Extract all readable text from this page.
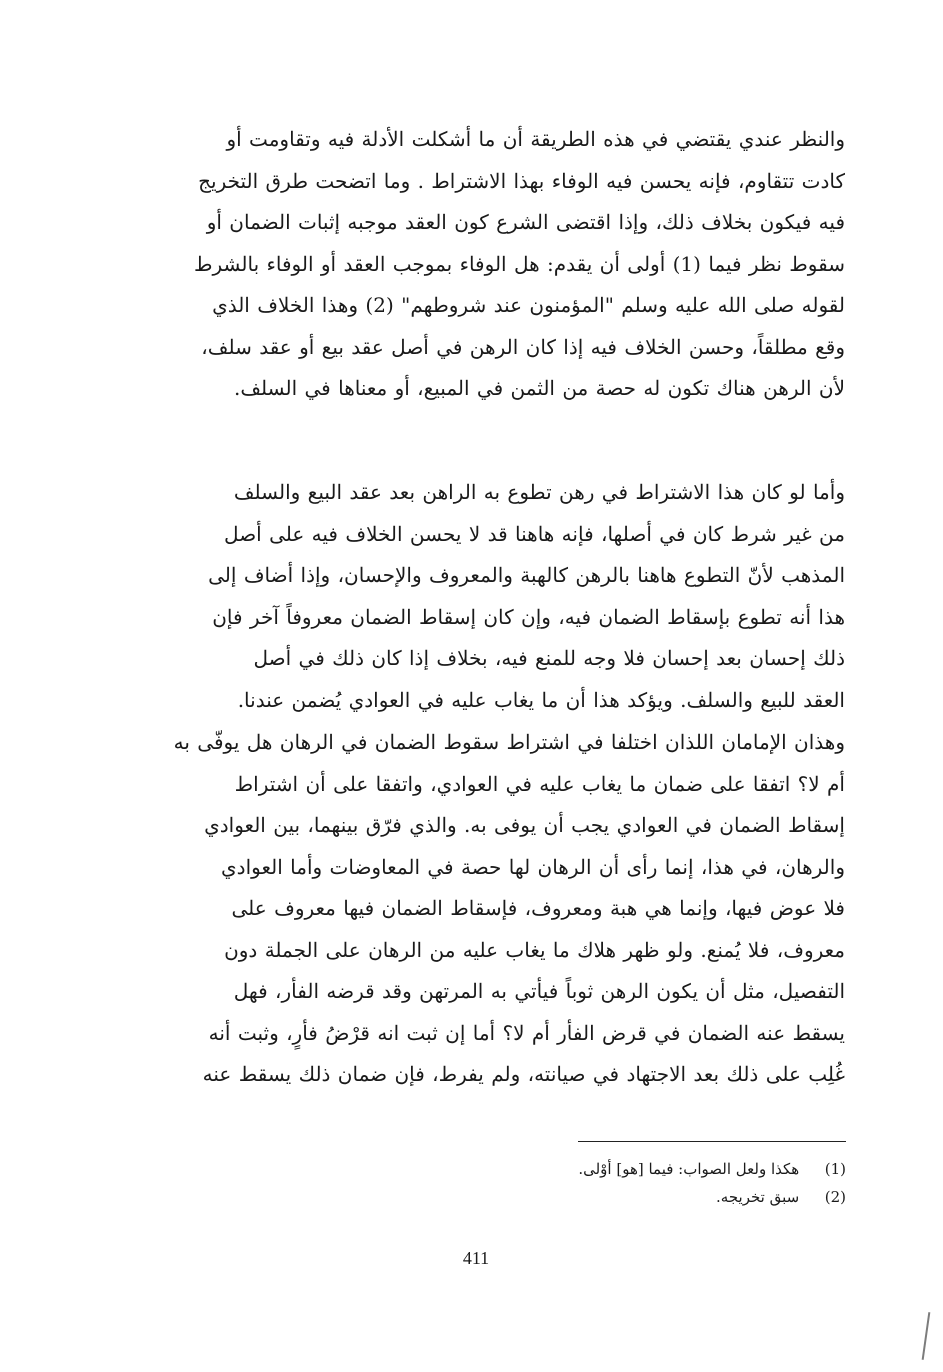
والنظر عندي يقتضي في هذه الطريقة أن ما أشكلت الأدلة فيه وتقاومت أو
كادت تتقاوم، فإنه يحسن فيه الوفاء بهذا الاشتراط . وما اتضحت طرق التخريج
فيه فيكون بخلاف ذلك، وإذا اقتضى الشرع كون العقد موجبه إثبات الضمان أو
سقوط نظر فيما (1) أولى أن يقدم: هل الوفاء بموجب العقد أو الوفاء بالشرط
لقوله صلى الله عليه وسلم "المؤمنون عند شروطهم" (2) وهذا الخلاف الذي
وقع مطلقاً، وحسن الخلاف فيه إذا كان الرهن في أصل عقد بيع أو عقد سلف،
لأن الرهن هناك تكون له حصة من الثمن في المبيع، أو معناها في السلف.
وأما لو كان هذا الاشتراط في رهن تطوع به الراهن بعد عقد البيع والسلف
من غير شرط كان في أصلها، فإنه هاهنا قد لا يحسن الخلاف فيه على أصل
المذهب لأنّ التطوع هاهنا بالرهن كالهبة والمعروف والإحسان، وإذا أضاف إلى
هذا أنه تطوع بإسقاط الضمان فيه، وإن كان إسقاط الضمان معروفاً آخر فإن
ذلك إحسان بعد إحسان فلا وجه للمنع فيه، بخلاف إذا كان ذلك في أصل
العقد للبيع والسلف. ويؤكد هذا أن ما يغاب عليه في العوادي يُضمن عندنا.
وهذان الإمامان اللذان اختلفا في اشتراط سقوط الضمان في الرهان هل يوفّى به
أم لا؟ اتفقا على ضمان ما يغاب عليه في العوادي، واتفقا على أن اشتراط
إسقاط الضمان في العوادي يجب أن يوفى به. والذي فرّق بينهما، بين العوادي
والرهان، في هذا، إنما رأى أن الرهان لها حصة في المعاوضات وأما العوادي
فلا عوض فيها، وإنما هي هبة ومعروف، فإسقاط الضمان فيها معروف على
معروف، فلا يُمنع. ولو ظهر هلاك ما يغاب عليه من الرهان على الجملة دون
التفصيل، مثل أن يكون الرهن ثوباً فيأتي به المرتهن وقد قرضه الفأر، فهل
يسقط عنه الضمان في قرض الفأر أم لا؟ أما إن ثبت انه قرْضُ فأرٍ، وثبت أنه
غُلِب على ذلك بعد الاجتهاد في صيانته، ولم يفرط، فإن ضمان ذلك يسقط عنه
(1) هكذا ولعل الصواب: فيما [هو] أوْلى.
(2) سبق تخريجه.
411
